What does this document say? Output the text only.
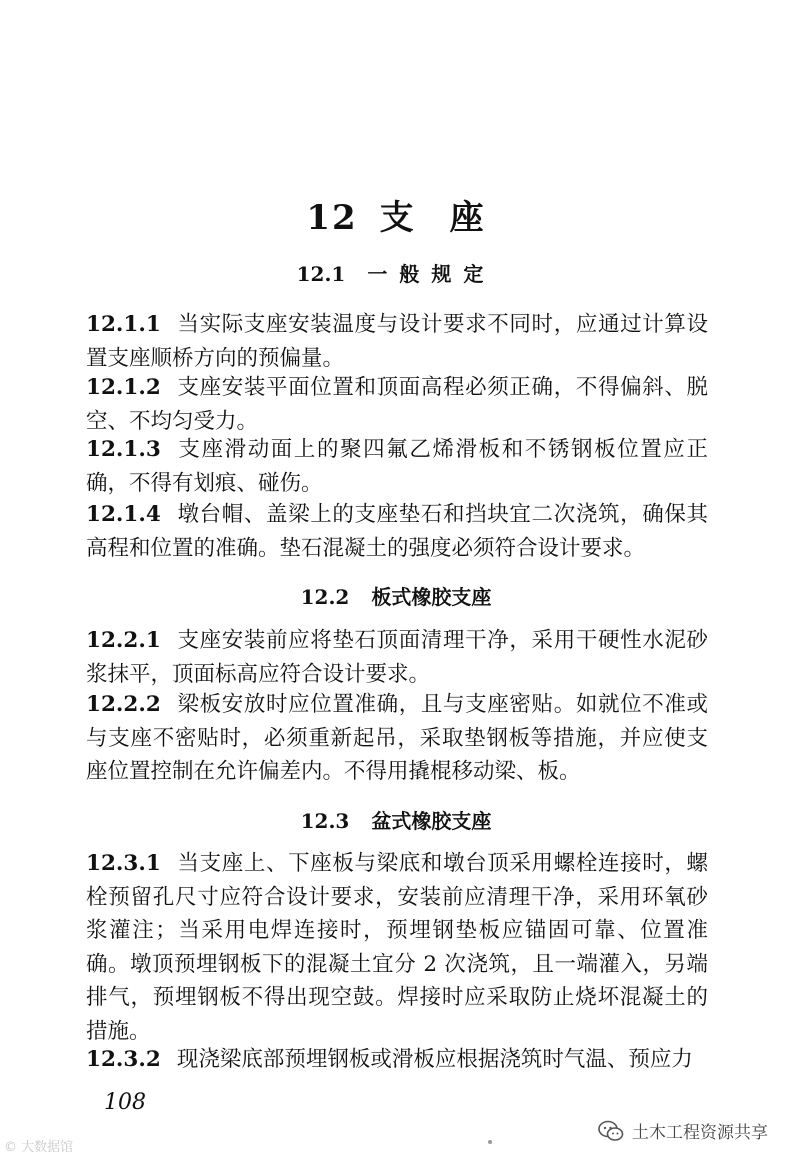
12 支 座
12.1 一般规定
12.1.1 当实际支座安装温度与设计要求不同时，应通过计算设置支座顺桥方向的预偏量。
12.1.2 支座安装平面位置和顶面高程必须正确，不得偏斜、脱空、不均匀受力。
12.1.3 支座滑动面上的聚四氟乙烯滑板和不锈钢板位置应正确，不得有划痕、碰伤。
12.1.4 墩台帽、盖梁上的支座垫石和挡块宜二次浇筑，确保其高程和位置的准确。垫石混凝土的强度必须符合设计要求。
12.2 板式橡胶支座
12.2.1 支座安装前应将垫石顶面清理干净，采用干硬性水泥砂浆抹平，顶面标高应符合设计要求。
12.2.2 梁板安放时应位置准确，且与支座密贴。如就位不准或与支座不密贴时，必须重新起吊，采取垫钢板等措施，并应使支座位置控制在允许偏差内。不得用撬棍移动梁、板。
12.3 盆式橡胶支座
12.3.1 当支座上、下座板与梁底和墩台顶采用螺栓连接时，螺栓预留孔尺寸应符合设计要求，安装前应清理干净，采用环氧砂浆灌注；当采用电焊连接时，预埋钢垫板应锚固可靠、位置准确。墩顶预埋钢板下的混凝土宜分 2 次浇筑，且一端灌入，另端排气，预埋钢板不得出现空鼓。焊接时应采取防止烧坏混凝土的措施。
12.3.2 现浇梁底部预埋钢板或滑板应根据浇筑时气温、预应力
108
© 大数据馆
土木工程资源共享
